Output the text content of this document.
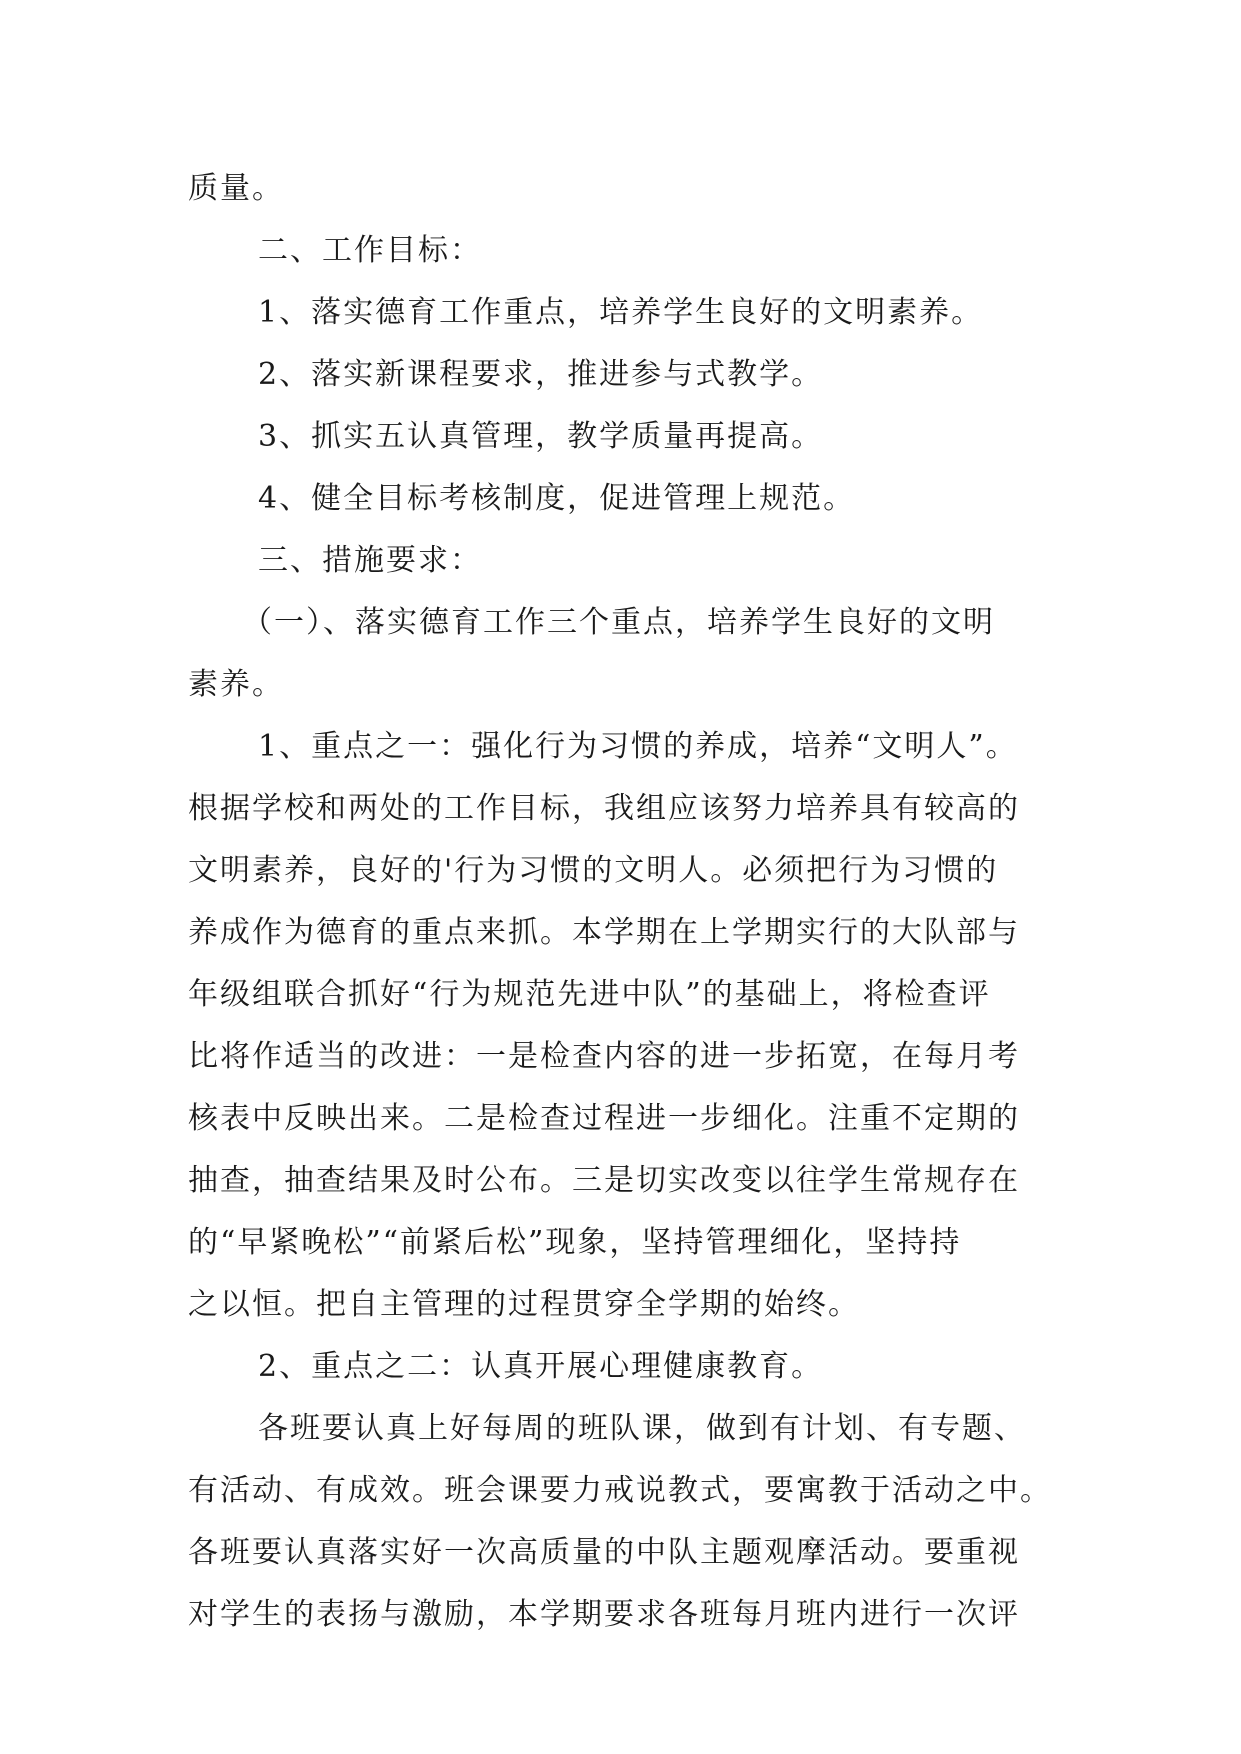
质量。
二、工作目标：
1、落实德育工作重点，培养学生良好的文明素养。
2、落实新课程要求，推进参与式教学。
3、抓实五认真管理，教学质量再提高。
4、健全目标考核制度，促进管理上规范。
三、措施要求：
（一）、落实德育工作三个重点，培养学生良好的文明
素养。
1、重点之一：强化行为习惯的养成，培养“文明人”。
根据学校和两处的工作目标，我组应该努力培养具有较高的
文明素养，良好的'行为习惯的文明人。必须把行为习惯的
养成作为德育的重点来抓。本学期在上学期实行的大队部与
年级组联合抓好“行为规范先进中队”的基础上，将检查评
比将作适当的改进：一是检查内容的进一步拓宽，在每月考
核表中反映出来。二是检查过程进一步细化。注重不定期的
抽查，抽查结果及时公布。三是切实改变以往学生常规存在
的“早紧晚松”“前紧后松”现象，坚持管理细化，坚持持
之以恒。把自主管理的过程贯穿全学期的始终。
2、重点之二：认真开展心理健康教育。
各班要认真上好每周的班队课，做到有计划、有专题、
有活动、有成效。班会课要力戒说教式，要寓教于活动之中。
各班要认真落实好一次高质量的中队主题观摩活动。要重视
对学生的表扬与激励，本学期要求各班每月班内进行一次评
